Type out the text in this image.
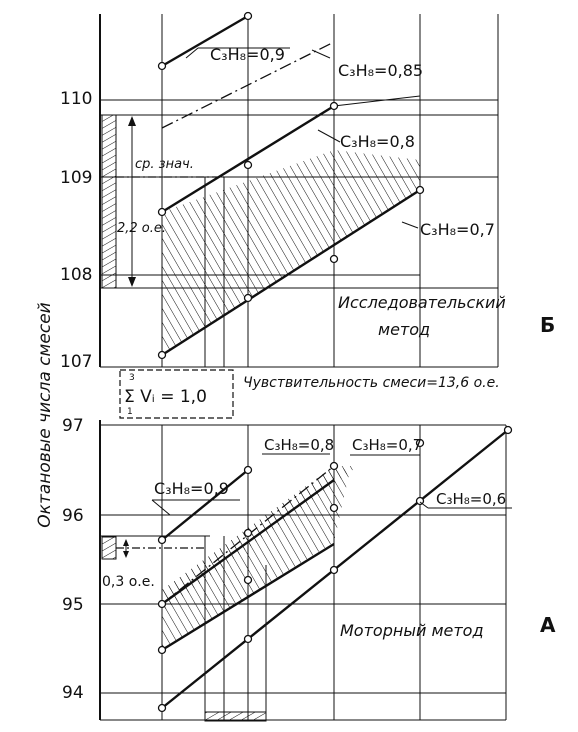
Октановые числа смесей
110
109
108
107
2,2 о.е.
ср. знач.
C₃H₈=0,9
C₃H₈=0,85
C₃H₈=0,8
C₃H₈=0,7
Исследовательский
метод	Б
Чувствительность смеси=13,6 о.е.
3
1
Σ Vᵢ = 1,0
97
96
95
94
0,3 о.е.
C₃H₈=0,9
C₃H₈=0,8 C₃H₈=0,7
C₃H₈=0,6
Моторный метод	А
